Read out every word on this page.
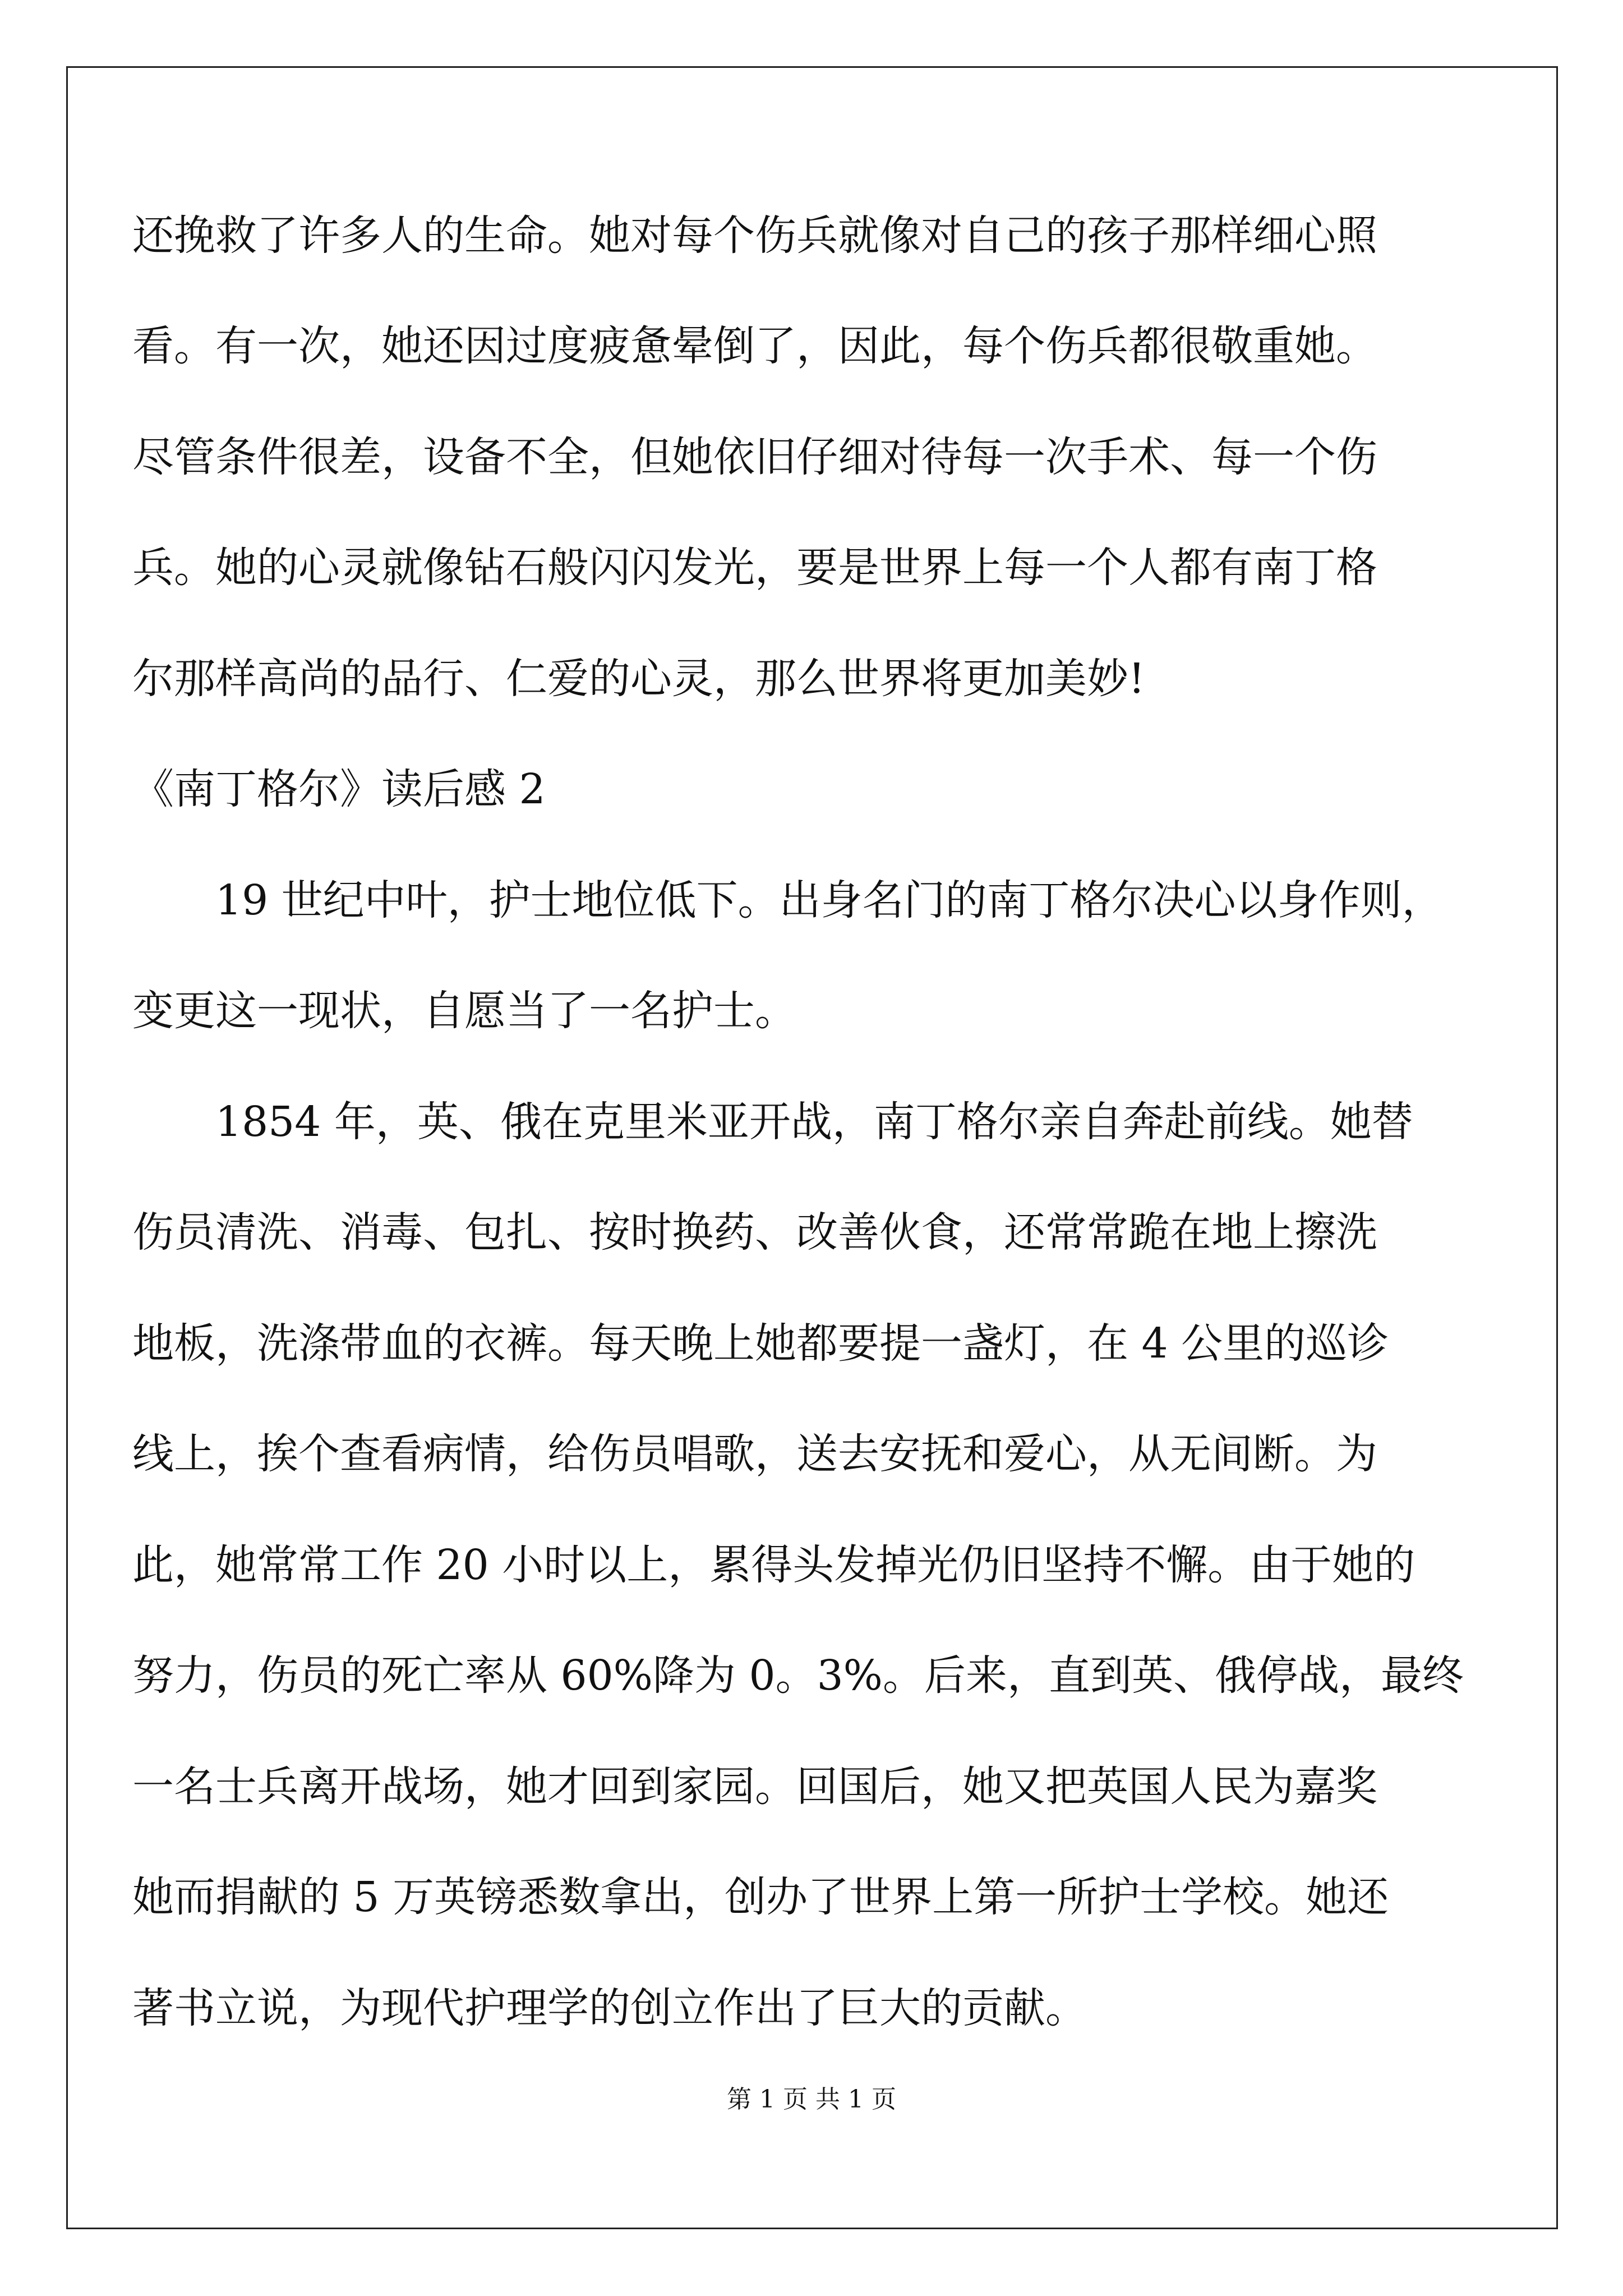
还挽救了许多人的生命。她对每个伤兵就像对自己的孩子那样细心照
看。有一次，她还因过度疲惫晕倒了，因此，每个伤兵都很敬重她。
尽管条件很差，设备不全，但她依旧仔细对待每一次手术、每一个伤
兵。她的心灵就像钻石般闪闪发光，要是世界上每一个人都有南丁格
尔那样高尚的品行、仁爱的心灵，那么世界将更加美妙!
《南丁格尔》读后感 2
19 世纪中叶，护士地位低下。出身名门的南丁格尔决心以身作则，
变更这一现状，自愿当了一名护士。
1854 年，英、俄在克里米亚开战，南丁格尔亲自奔赴前线。她替
伤员清洗、消毒、包扎、按时换药、改善伙食，还常常跪在地上擦洗
地板，洗涤带血的衣裤。每天晚上她都要提一盏灯，在 4 公里的巡诊
线上，挨个查看病情，给伤员唱歌，送去安抚和爱心，从无间断。为
此，她常常工作 20 小时以上，累得头发掉光仍旧坚持不懈。由于她的
努力，伤员的死亡率从 60%降为 0。3%。后来，直到英、俄停战，最终
一名士兵离开战场，她才回到家园。回国后，她又把英国人民为嘉奖
她而捐献的 5 万英镑悉数拿出，创办了世界上第一所护士学校。她还
著书立说，为现代护理学的创立作出了巨大的贡献。
第 1 页 共 1 页
